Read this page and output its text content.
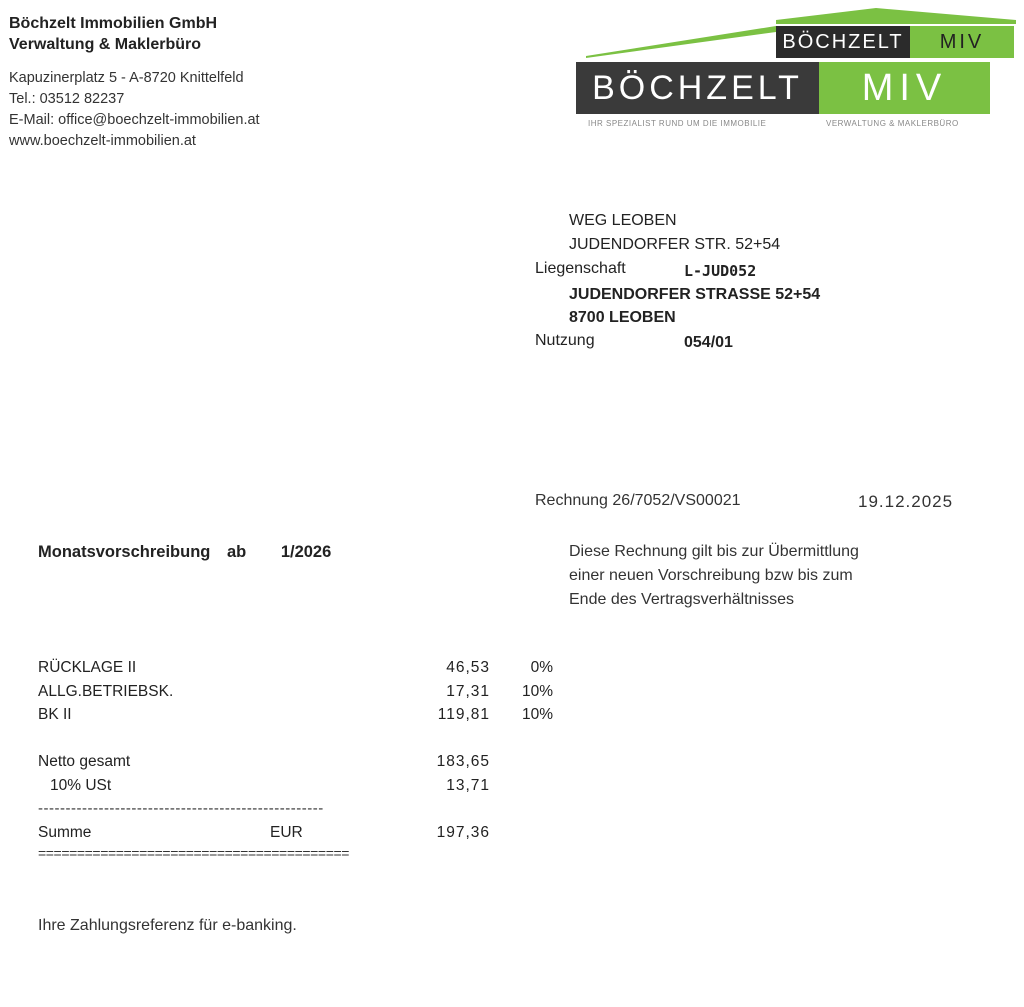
Böchzelt Immobilien GmbH
Verwaltung & Maklerbüro
Kapuzinerplatz 5 - A-8720 Knittelfeld
Tel.: 03512 82237
E-Mail: office@boechzelt-immobilien.at
www.boechzelt-immobilien.at
BÖCHZELT	MIV
BÖCHZELT	MIV
IHR SPEZIALIST RUND UM DIE IMMOBILIE	VERWALTUNG & MAKLERBÜRO
WEG LEOBEN
JUDENDORFER STR. 52+54
Liegenschaft	L-JUD052
JUDENDORFER STRASSE 52+54
8700 LEOBEN
Nutzung	054/01
Rechnung 26/7052/VS00021	19.12.2025
Monatsvorschreibung ab 1/2026	Diese Rechnung gilt bis zur Übermittlung
einer neuen Vorschreibung bzw bis zum
Ende des Vertragsverhältnisses
RÜCKLAGE II	46,53	0%
ALLG.BETRIEBSK.	17,31	10%
BK II	119,81	10%
Netto gesamt	183,65
10% USt	13,71
----------------------------------------------------
Summe	EUR	197,36
========================================
Ihre Zahlungsreferenz für e-banking.
